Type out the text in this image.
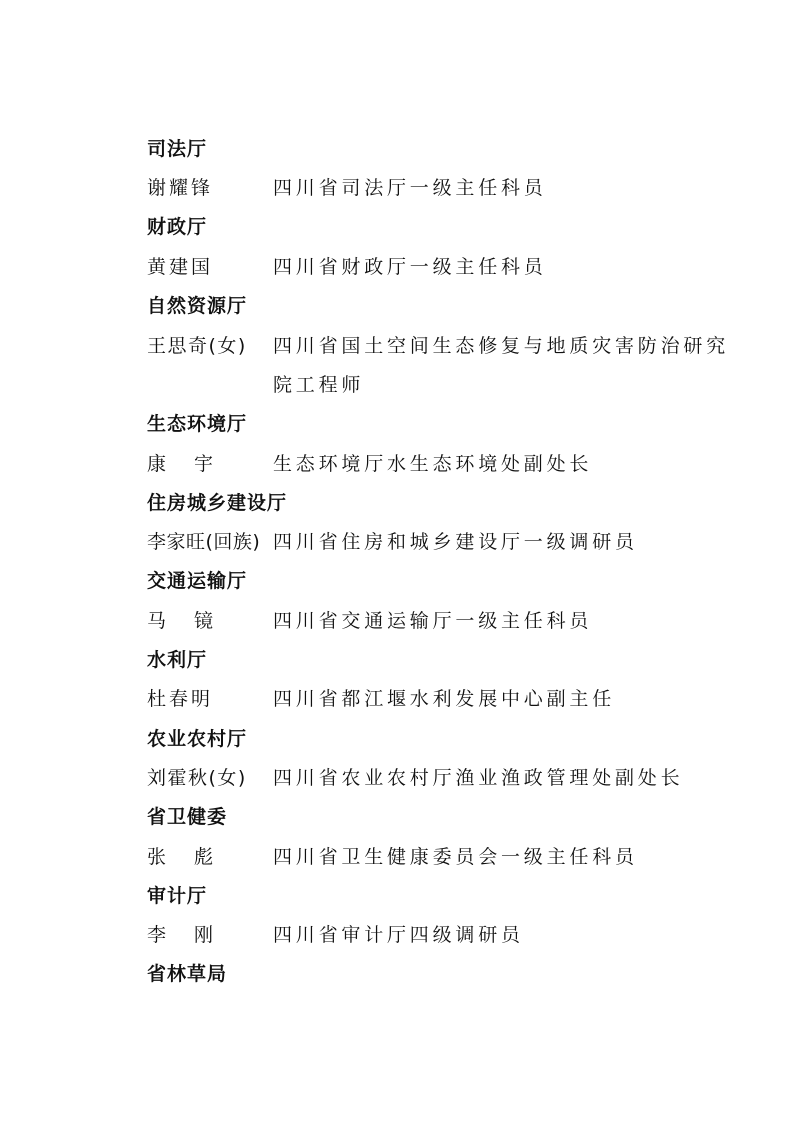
司法厅
谢耀锋	四川省司法厅一级主任科员
财政厅
黄建国	四川省财政厅一级主任科员
自然资源厅
王思奇(女) 四川省国土空间生态修复与地质灾害防治研究
院工程师
生态环境厅
康 宇	生态环境厅水生态环境处副处长
住房城乡建设厅
李家旺(回族) 四川省住房和城乡建设厅一级调研员
交通运输厅
马 镜	四川省交通运输厅一级主任科员
水利厅
杜春明	四川省都江堰水利发展中心副主任
农业农村厅
刘霍秋(女) 四川省农业农村厅渔业渔政管理处副处长
省卫健委
张 彪	四川省卫生健康委员会一级主任科员
审计厅
李 刚	四川省审计厅四级调研员
省林草局
